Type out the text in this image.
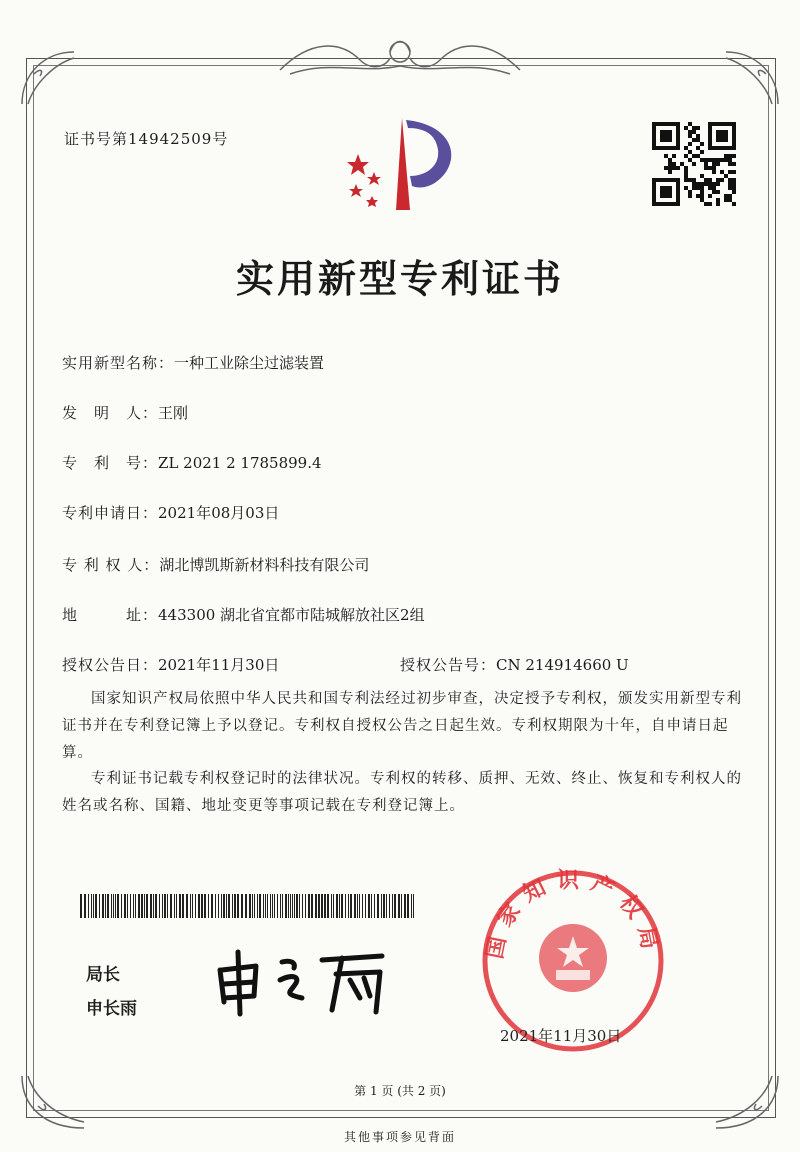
证书号第14942509号
实用新型专利证书
实用新型名称：一种工业除尘过滤装置
发　明　人：王刚
专　利　号：ZL 2021 2 1785899.4
专利申请日：2021年08月03日
专 利 权 人：湖北博凯斯新材料科技有限公司
地　　　址：443300 湖北省宜都市陆城解放社区2组
授权公告日：2021年11月30日	授权公告号：CN 214914660 U

国家知识产权局依照中华人民共和国专利法经过初步审查，决定授予专利权，颁发实用新型专利证书并在专利登记簿上予以登记。专利权自授权公告之日起生效。专利权期限为十年，自申请日起算。

专利证书记载专利权登记时的法律状况。专利权的转移、质押、无效、终止、恢复和专利权人的姓名或名称、国籍、地址变更等事项记载在专利登记簿上。

局长
申长雨
国家知识产权局
2021年11月30日
第 1 页 (共 2 页)
其他事项参见背面
